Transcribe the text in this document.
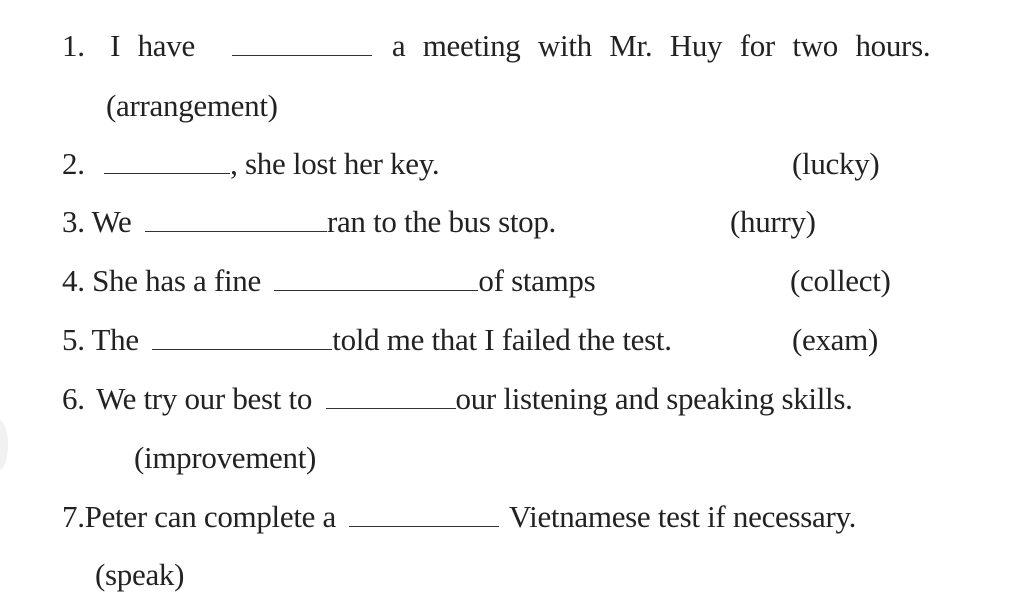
1. I have	a meeting with Mr. Huy for two hours.
(arrangement)
2.	, she lost her key.	(lucky)
3. We	ran to the bus stop.	(hurry)
4. She has a fine	of stamps	(collect)
5. The	told me that I failed the test.	(exam)
6. We try our best to	our listening and speaking skills.
(improvement)
7.Peter can complete a	Vietnamese test if necessary.
(speak)
